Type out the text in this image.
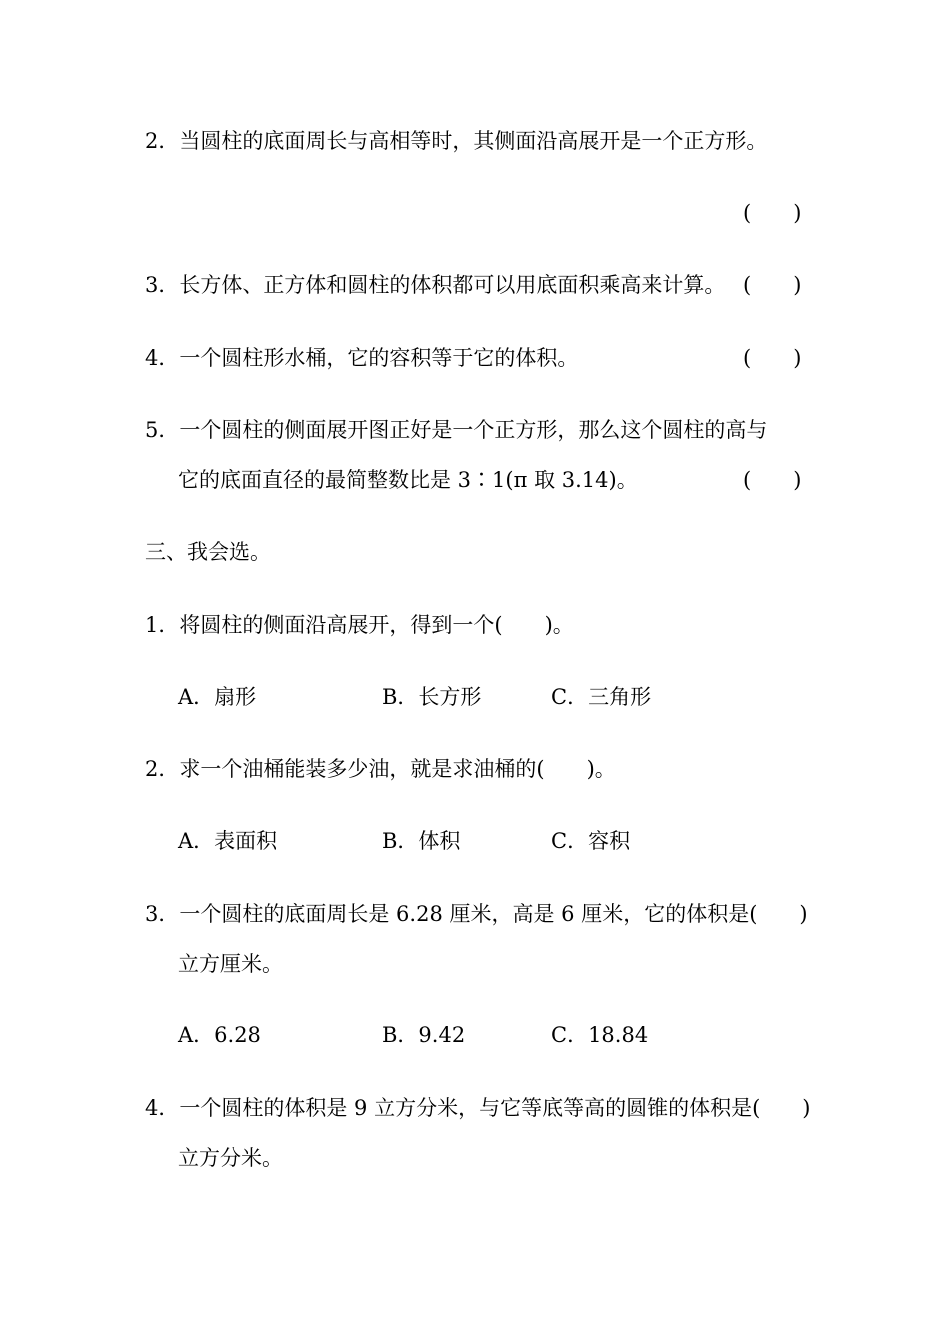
2．当圆柱的底面周长与高相等时，其侧面沿高展开是一个正方形。
(　　)
3．长方体、正方体和圆柱的体积都可以用底面积乘高来计算。 (　　)
4．一个圆柱形水桶，它的容积等于它的体积。	(　　)
5．一个圆柱的侧面展开图正好是一个正方形，那么这个圆柱的高与
它的底面直径的最简整数比是 3∶1(π 取 3.14)。	(　　)
三、我会选。
1．将圆柱的侧面沿高展开，得到一个(　　)。
A．扇形	B．长方形	C．三角形
2．求一个油桶能装多少油，就是求油桶的(　　)。
A．表面积	B．体积	C．容积
3．一个圆柱的底面周长是 6.28 厘米，高是 6 厘米，它的体积是(　　)
立方厘米。
A．6.28	B．9.42	C．18.84
4．一个圆柱的体积是 9 立方分米，与它等底等高的圆锥的体积是(　　)
立方分米。
